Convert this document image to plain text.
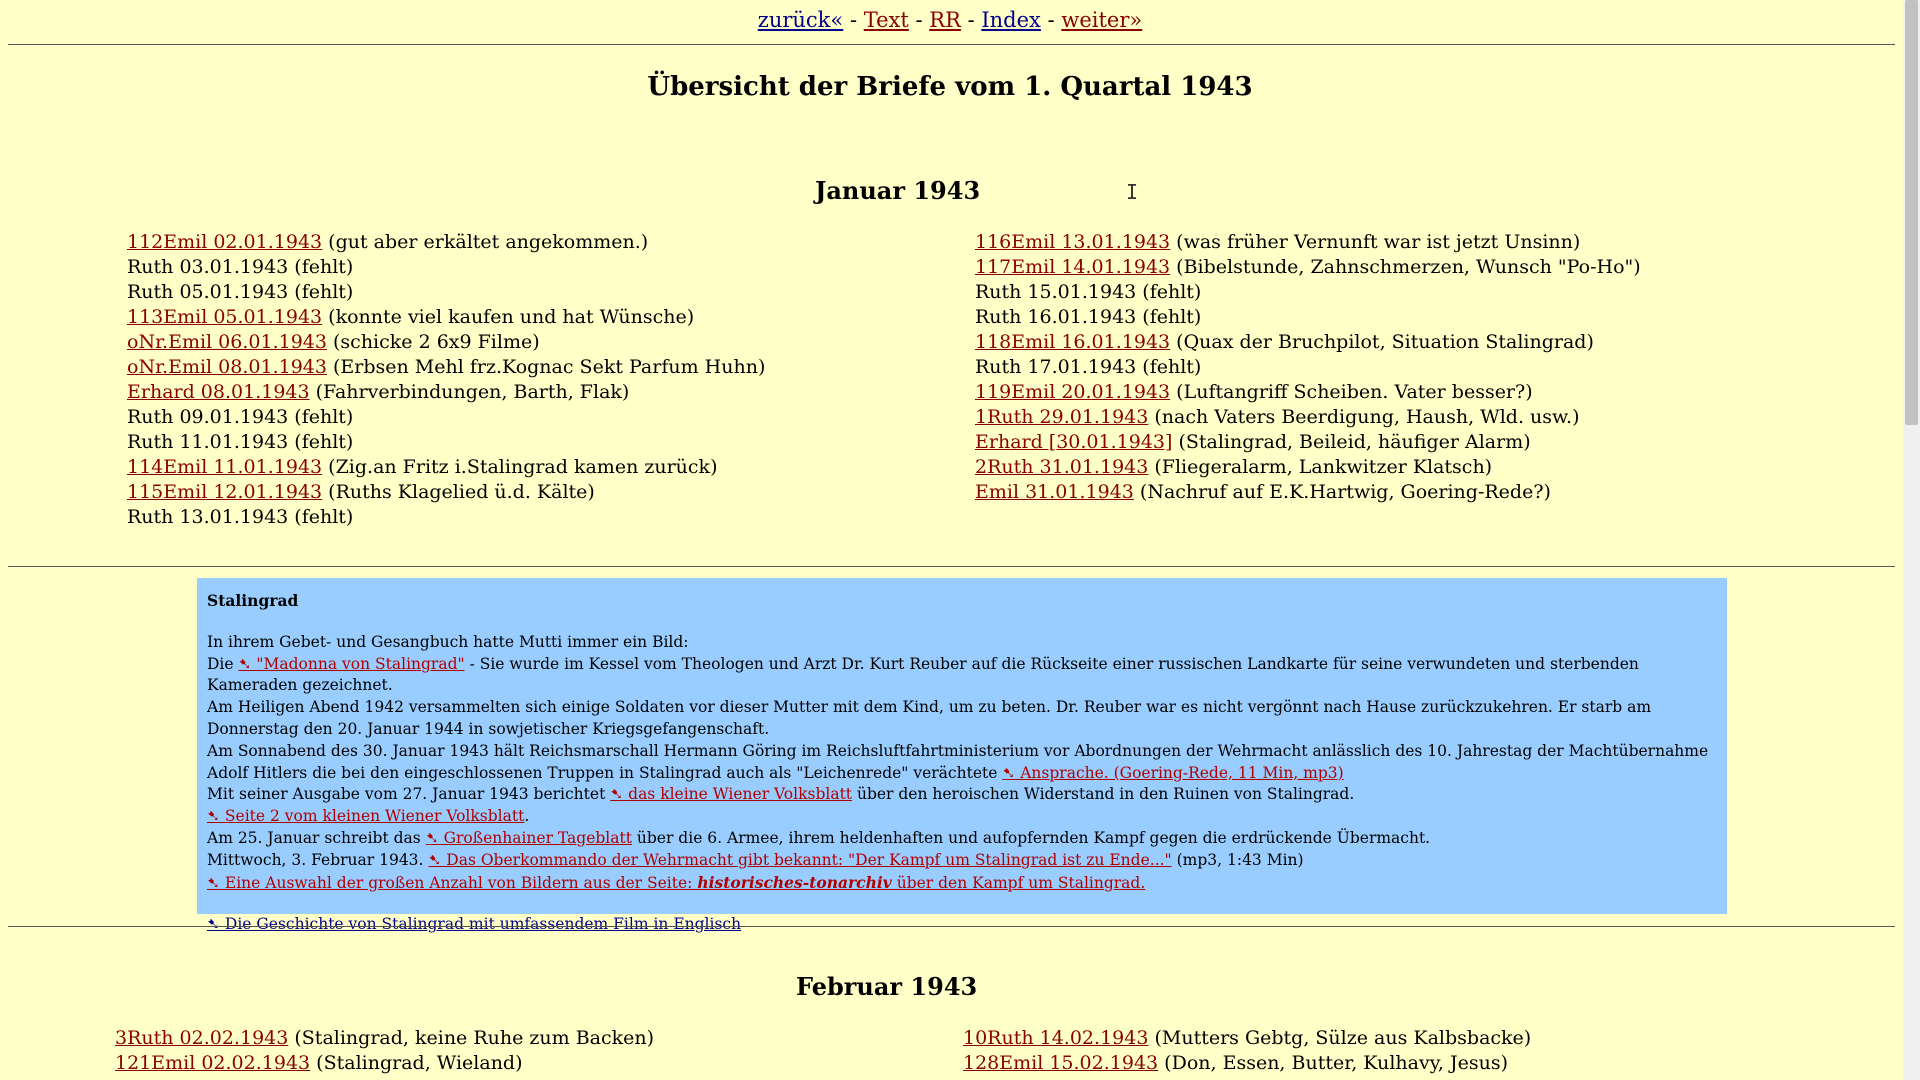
zurück« - Text - RR - Index - weiter»
Übersicht der Briefe vom 1. Quartal 1943
I
Januar 1943
112Emil 02.01.1943 (gut aber erkältet angekommen.)
Ruth 03.01.1943 (fehlt)
Ruth 05.01.1943 (fehlt)
113Emil 05.01.1943 (konnte viel kaufen und hat Wünsche)
oNr.Emil 06.01.1943 (schicke 2 6x9 Filme)
oNr.Emil 08.01.1943 (Erbsen Mehl frz.Kognac Sekt Parfum Huhn)
Erhard 08.01.1943 (Fahrverbindungen, Barth, Flak)
Ruth 09.01.1943 (fehlt)
Ruth 11.01.1943 (fehlt)
114Emil 11.01.1943 (Zig.an Fritz i.Stalingrad kamen zurück)
115Emil 12.01.1943 (Ruths Klagelied ü.d. Kälte)
Ruth 13.01.1943 (fehlt)
116Emil 13.01.1943 (was früher Vernunft war ist jetzt Unsinn)
117Emil 14.01.1943 (Bibelstunde, Zahnschmerzen, Wunsch "Po-Ho")
Ruth 15.01.1943 (fehlt)
Ruth 16.01.1943 (fehlt)
118Emil 16.01.1943 (Quax der Bruchpilot, Situation Stalingrad)
Ruth 17.01.1943 (fehlt)
119Emil 20.01.1943 (Luftangriff Scheiben. Vater besser?)
1Ruth 29.01.1943 (nach Vaters Beerdigung, Haush, Wld. usw.)
Erhard [30.01.1943] (Stalingrad, Beileid, häufiger Alarm)
2Ruth 31.01.1943 (Fliegeralarm, Lankwitzer Klatsch)
Emil 31.01.1943 (Nachruf auf E.K.Hartwig, Goering-Rede?)
Stalingrad

In ihrem Gebet- und Gesangbuch hatte Mutti immer ein Bild:

Die ➷ "Madonna von Stalingrad" - Sie wurde im Kessel vom Theologen und Arzt Dr. Kurt Reuber auf die Rückseite einer russischen Landkarte für seine verwundeten und sterbenden Kameraden gezeichnet.

Am Heiligen Abend 1942 versammelten sich einige Soldaten vor dieser Mutter mit dem Kind, um zu beten. Dr. Reuber war es nicht vergönnt nach Hause zurückzukehren. Er starb am Donnerstag den 20. Januar 1944 in sowjetischer Kriegsgefangenschaft.

Am Sonnabend des 30. Januar 1943 hält Reichsmarschall Hermann Göring im Reichsluftfahrtministerium vor Abordnungen der Wehrmacht anlässlich des 10. Jahrestag der Machtübernahme Adolf Hitlers die bei den eingeschlossenen Truppen in Stalingrad auch als "Leichenrede" verächtete ➷ Ansprache. (Goering-Rede, 11 Min, mp3)

Mit seiner Ausgabe vom 27. Januar 1943 berichtet ➷ das kleine Wiener Volksblatt über den heroischen Widerstand in den Ruinen von Stalingrad.

➷ Seite 2 vom kleinen Wiener Volksblatt.

Am 25. Januar schreibt das ➷ Großenhainer Tageblatt über die 6. Armee, ihrem heldenhaften und aufopfernden Kampf gegen die erdrückende Übermacht.

Mittwoch, 3. Februar 1943. ➷ Das Oberkommando der Wehrmacht gibt bekannt: "Der Kampf um Stalingrad ist zu Ende..." (mp3, 1:43 Min)

➷ Eine Auswahl der großen Anzahl von Bildern aus der Seite: historisches-tonarchiv über den Kampf um Stalingrad.

➷ Die Geschichte von Stalingrad mit umfassendem Film in Englisch

Februar 1943
3Ruth 02.02.1943 (Stalingrad, keine Ruhe zum Backen)
121Emil 02.02.1943 (Stalingrad, Wieland)
10Ruth 14.02.1943 (Mutters Gebtg, Sülze aus Kalbsbacke)
128Emil 15.02.1943 (Don, Essen, Butter, Kulhavy, Jesus)
